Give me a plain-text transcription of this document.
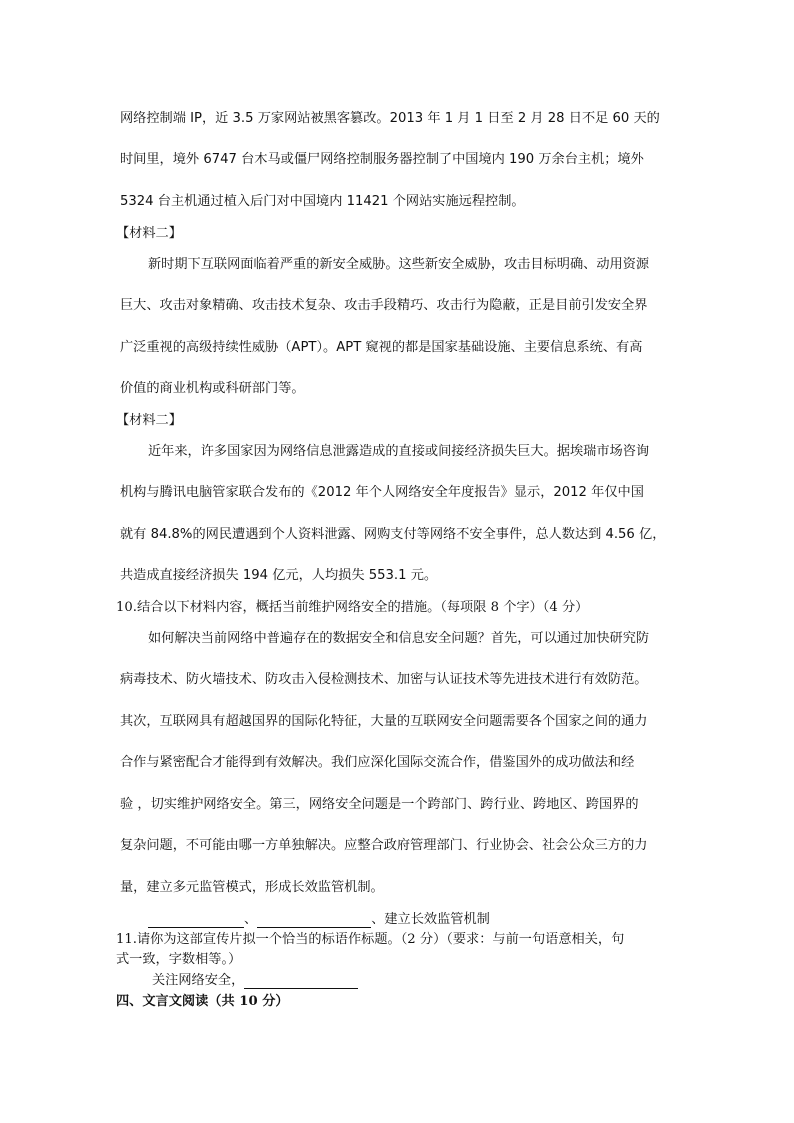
网络控制端 IP，近 3.5 万家网站被黑客篡改。2013 年 1 月 1 日至 2 月 28 日不足 60 天的
时间里，境外 6747 台木马或僵尸网络控制服务器控制了中国境内 190 万余台主机；境外
5324 台主机通过植入后门对中国境内 11421 个网站实施远程控制。
【材料二】
新时期下互联网面临着严重的新安全威胁。这些新安全威胁，攻击目标明确、动用资源
巨大、攻击对象精确、攻击技术复杂、攻击手段精巧、攻击行为隐蔽，正是目前引发安全界
广泛重视的高级持续性威胁（APT）。APT 窥视的都是国家基础设施、主要信息系统、有高
价值的商业机构或科研部门等。
【材料二】
近年来，许多国家因为网络信息泄露造成的直接或间接经济损失巨大。据埃瑞市场咨询
机构与腾讯电脑管家联合发布的《2012 年个人网络安全年度报告》显示，2012 年仅中国
就有 84.8%的网民遭遇到个人资料泄露、网购支付等网络不安全事件，总人数达到 4.56 亿，
共造成直接经济损失 194 亿元，人均损失 553.1 元。
10.结合以下材料内容，概括当前维护网络安全的措施。（每项限 8 个字）（4 分）
如何解决当前网络中普遍存在的数据安全和信息安全问题？首先，可以通过加快研究防
病毒技术、防火墙技术、防攻击入侵检测技术、加密与认证技术等先进技术进行有效防范。
其次，互联网具有超越国界的国际化特征，大量的互联网安全问题需要各个国家之间的通力
合作与紧密配合才能得到有效解决。我们应深化国际交流合作，借鉴国外的成功做法和经
验 ，切实维护网络安全。第三，网络安全问题是一个跨部门、跨行业、跨地区、跨国界的
复杂问题，不可能由哪一方单独解决。应整合政府管理部门、行业协会、社会公众三方的力
量，建立多元监管模式，形成长效监管机制。
、	、建立长效监管机制
11.请你为这部宣传片拟一个恰当的标语作标题。（2 分）（要求：与前一句语意相关，句
式一致，字数相等。）
关注网络安全，
四、文言文阅读（共 10 分）
